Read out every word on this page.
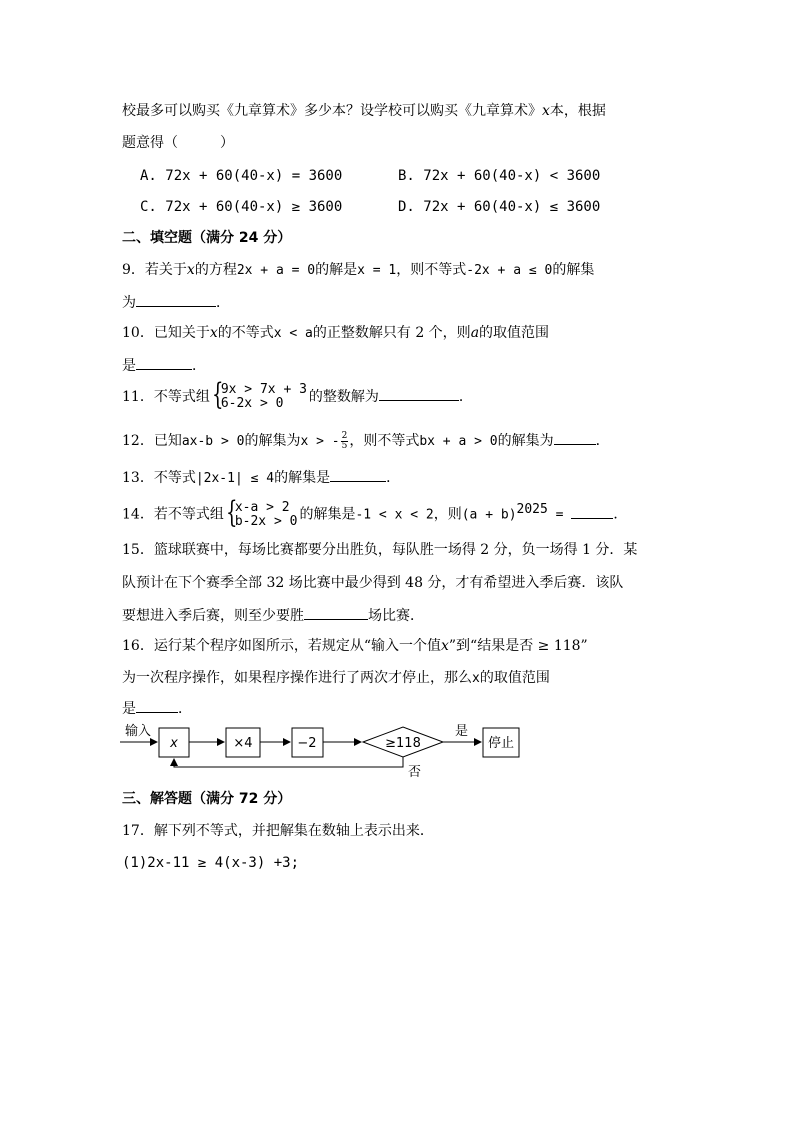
校最多可以购买《九章算术》多少本？设学校可以购买《九章算术》x本，根据
题意得（　　　）
A. 72x + 60(40-x) = 3600	B. 72x + 60(40-x) < 3600
C. 72x + 60(40-x) ≥ 3600	D. 72x + 60(40-x) ≤ 3600
二、填空题（满分 24 分）
9．若关于x的方程2x + a = 0的解是x = 1，则不等式-2x + a ≤ 0的解集
为	．
10．已知关于x的不等式x < a的正整数解只有 2 个，则a的取值范围
是	．
11．不等式组 {
9x > 7x + 3
6-2x > 0	的整数解为	．
12．已知ax-b > 0的解集为x > - $\frac{2}{5}$ ，则不等式bx + a > 0的解集为	．
13．不等式|2x-1| ≤ 4的解集是	．
14．若不等式组 {
x-a > 2
b-2x > 0 的解集是-1 < x < 2，则$(a + b)^{2025}$ =	．
15．篮球联赛中，每场比赛都要分出胜负，每队胜一场得 2 分，负一场得 1 分．某
队预计在下个赛季全部 32 场比赛中最少得到 48 分，才有希望进入季后赛．该队
要想进入季后赛，则至少要胜	场比赛．
16．运行某个程序如图所示，若规定从“输入一个值x”到“结果是否 ≥ 118”
为一次程序操作，如果程序操作进行了两次才停止，那么x的取值范围
是	．
输入
x	×4	−2	≥118
是
停止
否
三、解答题（满分 72 分）
17．解下列不等式，并把解集在数轴上表示出来．
(1)2x-11 ≥ 4(x-3) +3;
